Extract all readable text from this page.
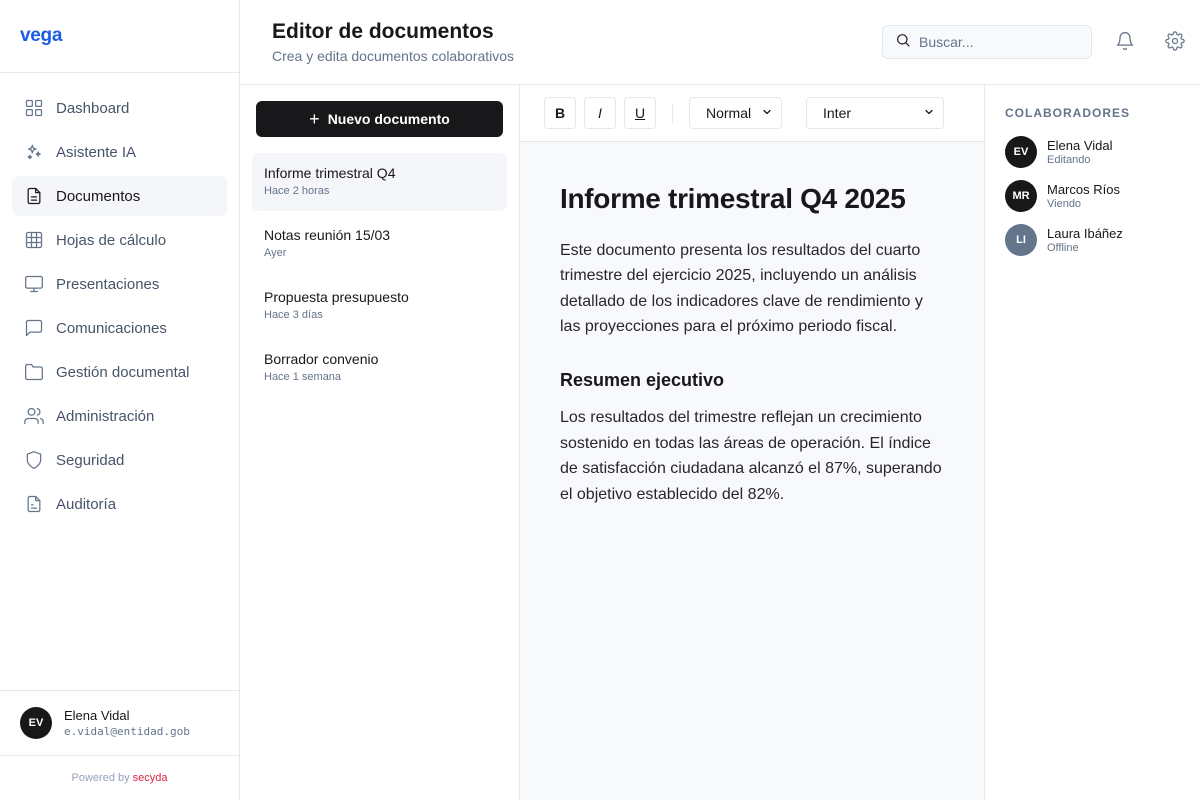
vega
Dashboard
Asistente IA
Documentos
Hojas de cálculo
Presentaciones
Comunicaciones
Gestión documental
Administración
Seguridad
Auditoría
EV	Elena Vidal
e.vidal@entidad.gob
Powered by secyda
Editor de documentos
Crea y edita documentos colaborativos
Buscar...
+ Nuevo documento
Informe trimestral Q4
Hace 2 horas
Notas reunión 15/03
Ayer
Propuesta presupuesto
Hace 3 días
Borrador convenio
Hace 1 semana
B	I	U	Normal	Inter
Informe trimestral Q4 2025

Este documento presenta los resultados del cuarto trimestre del ejercicio 2025, incluyendo un análisis detallado de los indicadores clave de rendimiento y las proyecciones para el próximo periodo fiscal.

Resumen ejecutivo

Los resultados del trimestre reflejan un crecimiento sostenido en todas las áreas de operación. El índice de satisfacción ciudadana alcanzó el 87%, superando el objetivo establecido del 82%.

COLABORADORES
EV	Elena Vidal
Editando
MR	Marcos Ríos
Viendo
LI	Laura Ibáñez
Offline
